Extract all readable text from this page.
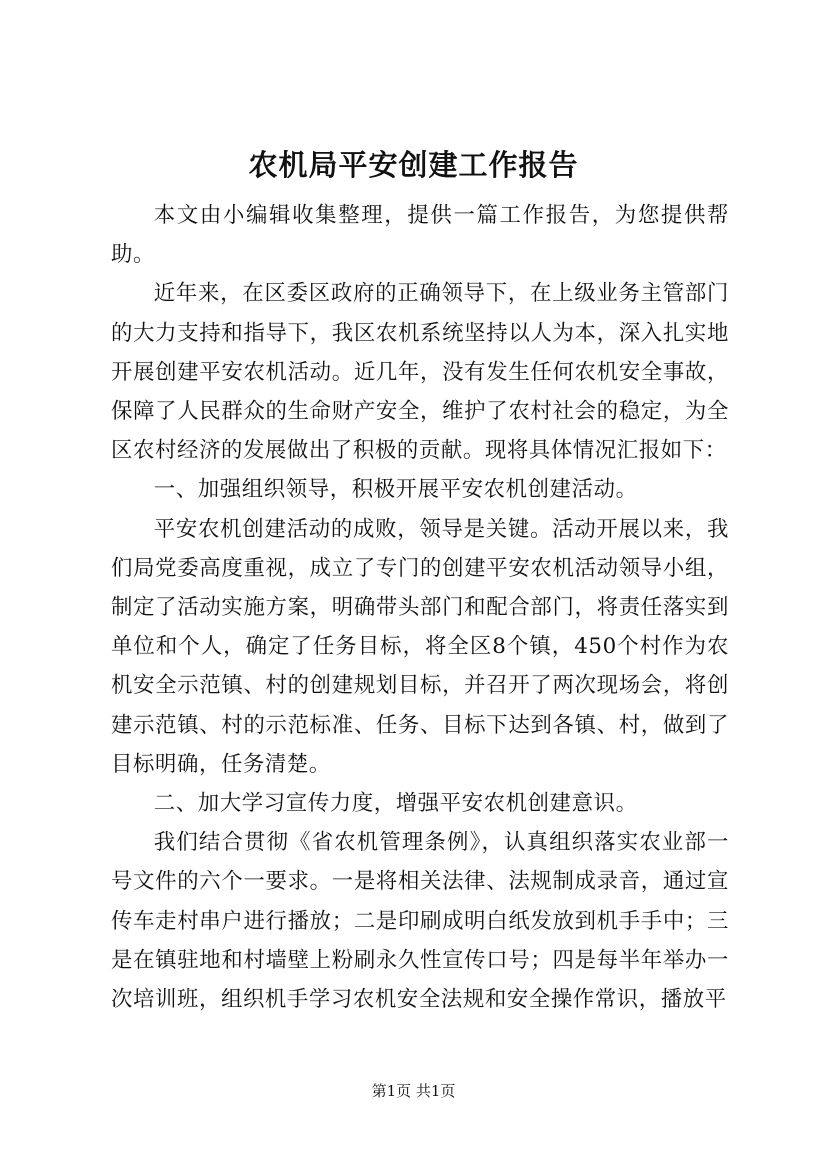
农机局平安创建工作报告

本文由小编辑收集整理，提供一篇工作报告，为您提供帮助。

近年来，在区委区政府的正确领导下，在上级业务主管部门的大力支持和指导下，我区农机系统坚持以人为本，深入扎实地开展创建平安农机活动。近几年，没有发生任何农机安全事故，保障了人民群众的生命财产安全，维护了农村社会的稳定，为全区农村经济的发展做出了积极的贡献。现将具体情况汇报如下：

一、加强组织领导，积极开展平安农机创建活动。

平安农机创建活动的成败，领导是关键。活动开展以来，我们局党委高度重视，成立了专门的创建平安农机活动领导小组，制定了活动实施方案，明确带头部门和配合部门，将责任落实到单位和个人，确定了任务目标，将全区8个镇，450个村作为农机安全示范镇、村的创建规划目标，并召开了两次现场会，将创建示范镇、村的示范标准、任务、目标下达到各镇、村，做到了目标明确，任务清楚。

二、加大学习宣传力度，增强平安农机创建意识。

我们结合贯彻《省农机管理条例》，认真组织落实农业部一号文件的六个一要求。一是将相关法律、法规制成录音，通过宣传车走村串户进行播放；二是印刷成明白纸发放到机手手中；三是在镇驻地和村墙壁上粉刷永久性宣传口号；四是每半年举办一次培训班，组织机手学习农机安全法规和安全操作常识，播放平

第1页 共1页
